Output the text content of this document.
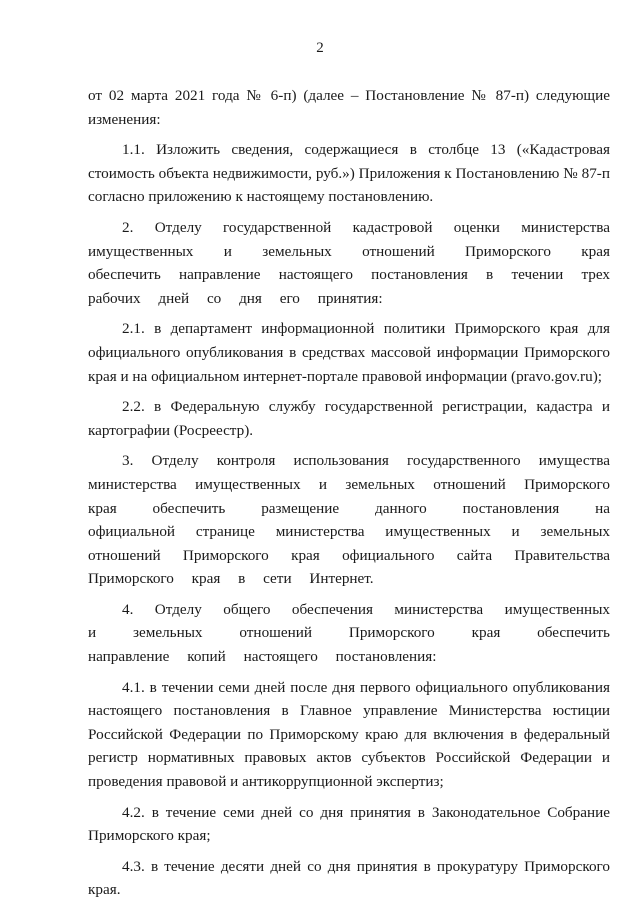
2

от 02 марта 2021 года № 6-п) (далее – Постановление № 87-п) следующие изменения:

1.1. Изложить сведения, содержащиеся в столбце 13 («Кадастровая стоимость объекта недвижимости, руб.») Приложения к Постановлению № 87-п согласно приложению к настоящему постановлению.

2. Отделу государственной кадастровой оценки министерства имущественных и земельных отношений Приморского края обеспечить направление настоящего постановления в течении трех рабочих дней со дня его принятия:

2.1. в департамент информационной политики Приморского края для официального опубликования в средствах массовой информации Приморского края и на официальном интернет-портале правовой информации (pravo.gov.ru);

2.2. в Федеральную службу государственной регистрации, кадастра и картографии (Росреестр).

3. Отделу контроля использования государственного имущества министерства имущественных и земельных отношений Приморского края обеспечить размещение данного постановления на официальной странице министерства имущественных и земельных отношений Приморского края официального сайта Правительства Приморского края в сети Интернет.

4. Отделу общего обеспечения министерства имущественных и земельных отношений Приморского края обеспечить направление копий настоящего постановления:

4.1. в течении семи дней после дня первого официального опубликования настоящего постановления в Главное управление Министерства юстиции Российской Федерации по Приморскому краю для включения в федеральный регистр нормативных правовых актов субъектов Российской Федерации и проведения правовой и антикоррупционной экспертиз;

4.2. в течение семи дней со дня принятия в Законодательное Собрание Приморского края;

4.3. в течение десяти дней со дня принятия в прокуратуру Приморского края.
